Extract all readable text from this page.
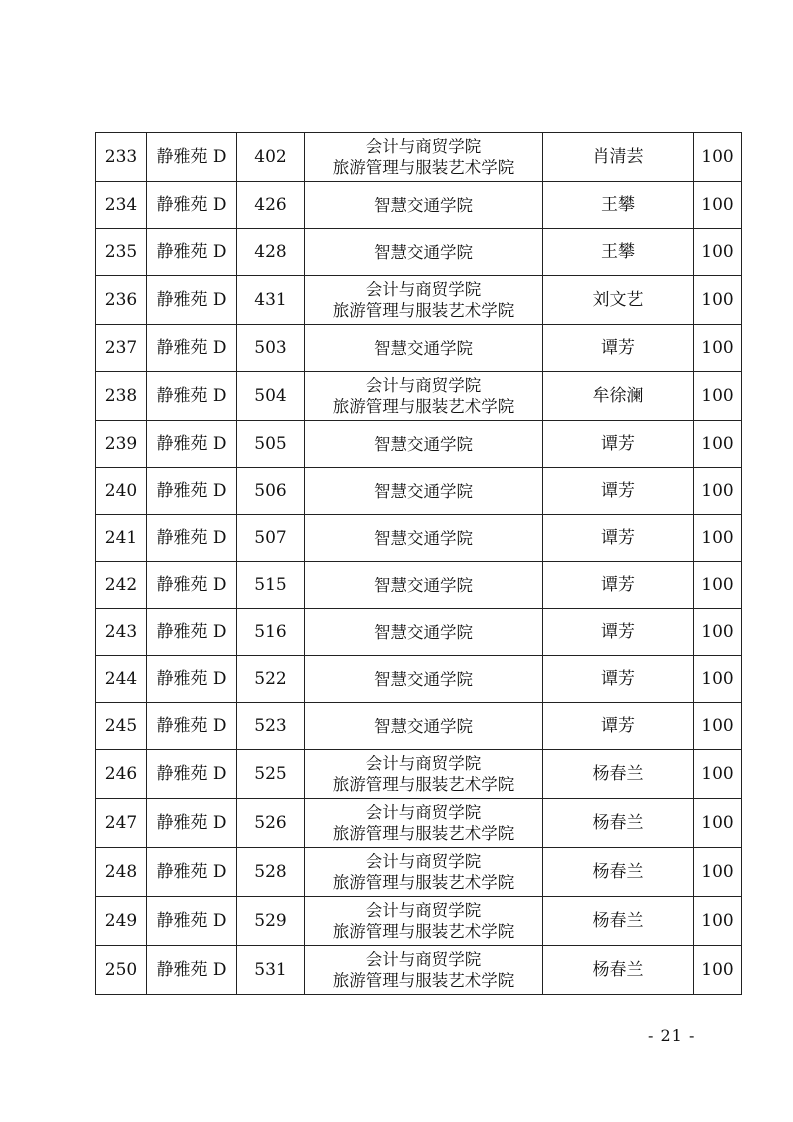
233	静雅苑 D	402	会计与商贸学院
旅游管理与服装艺术学院	肖清芸	100
234	静雅苑 D	426	智慧交通学院	王攀	100
235	静雅苑 D	428	智慧交通学院	王攀	100
236	静雅苑 D	431	会计与商贸学院
旅游管理与服装艺术学院	刘文艺	100
237	静雅苑 D	503	智慧交通学院	谭芳	100
238	静雅苑 D	504	会计与商贸学院
旅游管理与服装艺术学院	牟徐澜	100
239	静雅苑 D	505	智慧交通学院	谭芳	100
240	静雅苑 D	506	智慧交通学院	谭芳	100
241	静雅苑 D	507	智慧交通学院	谭芳	100
242	静雅苑 D	515	智慧交通学院	谭芳	100
243	静雅苑 D	516	智慧交通学院	谭芳	100
244	静雅苑 D	522	智慧交通学院	谭芳	100
245	静雅苑 D	523	智慧交通学院	谭芳	100
246	静雅苑 D	525	会计与商贸学院
旅游管理与服装艺术学院	杨春兰	100
247	静雅苑 D	526	会计与商贸学院
旅游管理与服装艺术学院	杨春兰	100
248	静雅苑 D	528	会计与商贸学院
旅游管理与服装艺术学院	杨春兰	100
249	静雅苑 D	529	会计与商贸学院
旅游管理与服装艺术学院	杨春兰	100
250	静雅苑 D	531	会计与商贸学院
旅游管理与服装艺术学院	杨春兰	100
- 21 -
